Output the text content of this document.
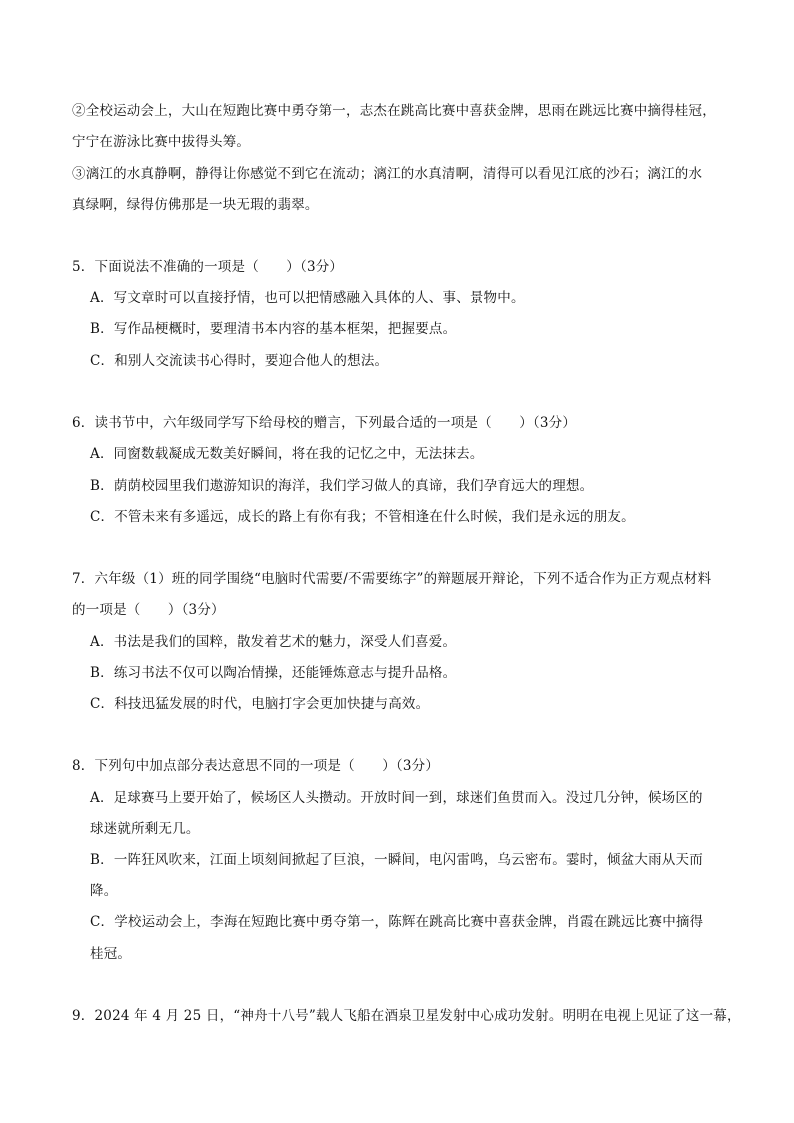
②全校运动会上，大山在短跑比赛中勇夺第一，志杰在跳高比赛中喜获金牌，思雨在跳远比赛中摘得桂冠，
宁宁在游泳比赛中拔得头筹。
③漓江的水真静啊，静得让你感觉不到它在流动；漓江的水真清啊，清得可以看见江底的沙石；漓江的水
真绿啊，绿得仿佛那是一块无瑕的翡翠。
5．下面说法不准确的一项是（　　）（3分）
A．写文章时可以直接抒情，也可以把情感融入具体的人、事、景物中。
B．写作品梗概时，要理清书本内容的基本框架，把握要点。
C．和别人交流读书心得时，要迎合他人的想法。
6．读书节中，六年级同学写下给母校的赠言，下列最合适的一项是（　　）（3分）
A．同窗数载凝成无数美好瞬间，将在我的记忆之中，无法抹去。
B．荫荫校园里我们遨游知识的海洋，我们学习做人的真谛，我们孕育远大的理想。
C．不管未来有多遥远，成长的路上有你有我；不管相逢在什么时候，我们是永远的朋友。
7．六年级（1）班的同学围绕“电脑时代需要/不需要练字”的辩题展开辩论，下列不适合作为正方观点材料
的一项是（　　）（3分）
A．书法是我们的国粹，散发着艺术的魅力，深受人们喜爱。
B．练习书法不仅可以陶冶情操，还能锤炼意志与提升品格。
C．科技迅猛发展的时代，电脑打字会更加快捷与高效。
8．下列句中加点部分表达意思不同的一项是（　　）（3分）
A．足球赛马上要开始了，候场区人头攒动。开放时间一到，球迷们鱼贯而入。没过几分钟，候场区的
球迷就所剩无几。
B．一阵狂风吹来，江面上顷刻间掀起了巨浪，一瞬间，电闪雷鸣，乌云密布。霎时，倾盆大雨从天而
降。
C．学校运动会上，李海在短跑比赛中勇夺第一，陈辉在跳高比赛中喜获金牌，肖霞在跳远比赛中摘得
桂冠。
9．2024 年 4 月 25 日，“神舟十八号”载人飞船在酒泉卫星发射中心成功发射。明明在电视上见证了这一幕，
